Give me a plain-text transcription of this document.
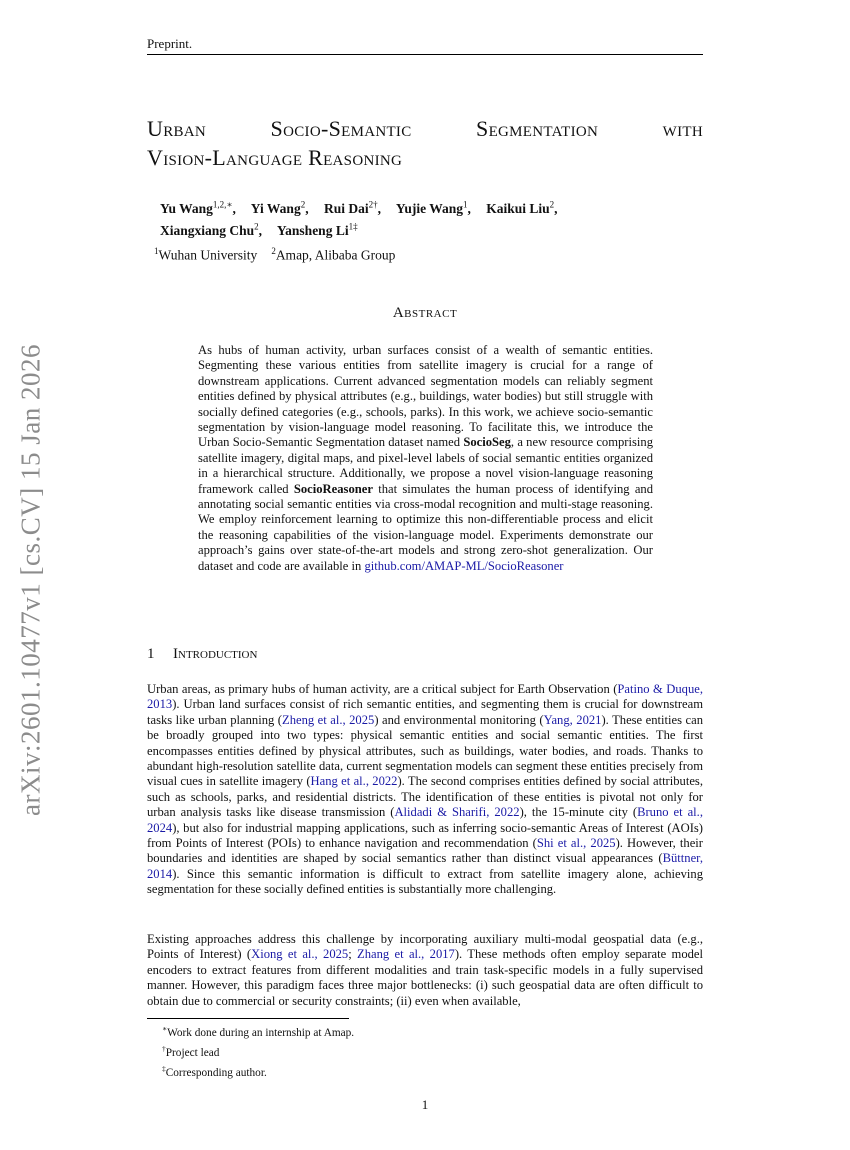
arXiv:2601.10477v1 [cs.CV] 15 Jan 2026
Preprint.
Urban	Socio-Semantic	Segmentation	with
Vision-Language Reasoning
Yu Wang$^{1,2,∗}$, Yi Wang$^2$, Rui Dai$^{2\dagger}$, Yujie Wang$^1$, Kaikui Liu$^2$,
Xiangxiang Chu$^2$, Yansheng $Li^{1\ddagger}$
$^1$Wuhan University $^2$Amap, Alibaba Group
Abstract
As hubs of human activity, urban surfaces consist of a wealth of semantic entities. Segmenting these various entities from satellite imagery is crucial for a range of downstream applications. Current advanced segmentation models can reliably segment entities defined by physical attributes (e.g., buildings, water bodies) but still struggle with socially defined categories (e.g., schools, parks). In this work, we achieve socio-semantic segmentation by vision-language model reasoning. To facilitate this, we introduce the Urban Socio-Semantic Segmentation dataset named SocioSeg, a new resource comprising satellite imagery, digital maps, and pixel-level labels of social semantic entities organized in a hierarchical structure. Additionally, we propose a novel vision-language reasoning framework called SocioReasoner that simulates the human process of identifying and annotating social semantic entities via cross-modal recognition and multi-stage reasoning. We employ reinforcement learning to optimize this non-differentiable process and elicit the reasoning capabilities of the vision-language model. Experiments demonstrate our approach’s gains over state-of-the-art models and strong zero-shot generalization. Our dataset and code are available in github.com/AMAP-ML/SocioReasoner
1 Introduction
Urban areas, as primary hubs of human activity, are a critical subject for Earth Observation (Patino & Duque, 2013). Urban land surfaces consist of rich semantic entities, and segmenting them is crucial for downstream tasks like urban planning (Zheng et al., 2025) and environmental monitoring (Yang, 2021). These entities can be broadly grouped into two types: physical semantic entities and social semantic entities. The first encompasses entities defined by physical attributes, such as buildings, water bodies, and roads. Thanks to abundant high-resolution satellite data, current segmentation models can segment these entities precisely from visual cues in satellite imagery (Hang et al., 2022). The second comprises entities defined by social attributes, such as schools, parks, and residential districts. The identification of these entities is pivotal not only for urban analysis tasks like disease transmission (Alidadi & Sharifi, 2022), the 15-minute city (Bruno et al., 2024), but also for industrial mapping applications, such as inferring socio-semantic Areas of Interest (AOIs) from Points of Interest (POIs) to enhance navigation and recommendation (Shi et al., 2025). However, their boundaries and identities are shaped by social semantics rather than distinct visual appearances (Büttner, 2014). Since this semantic information is difficult to extract from satellite imagery alone, achieving segmentation for these socially defined entities is substantially more challenging.
Existing approaches address this challenge by incorporating auxiliary multi-modal geospatial data (e.g., Points of Interest) (Xiong et al., 2025; Zhang et al., 2017). These methods often employ separate model encoders to extract features from different modalities and train task-specific models in a fully supervised manner. However, this paradigm faces three major bottlenecks: (i) such geospatial data are often difficult to obtain due to commercial or security constraints; (ii) even when available,
∗Work done during an internship at Amap.
†Project lead
‡Corresponding author.
1
